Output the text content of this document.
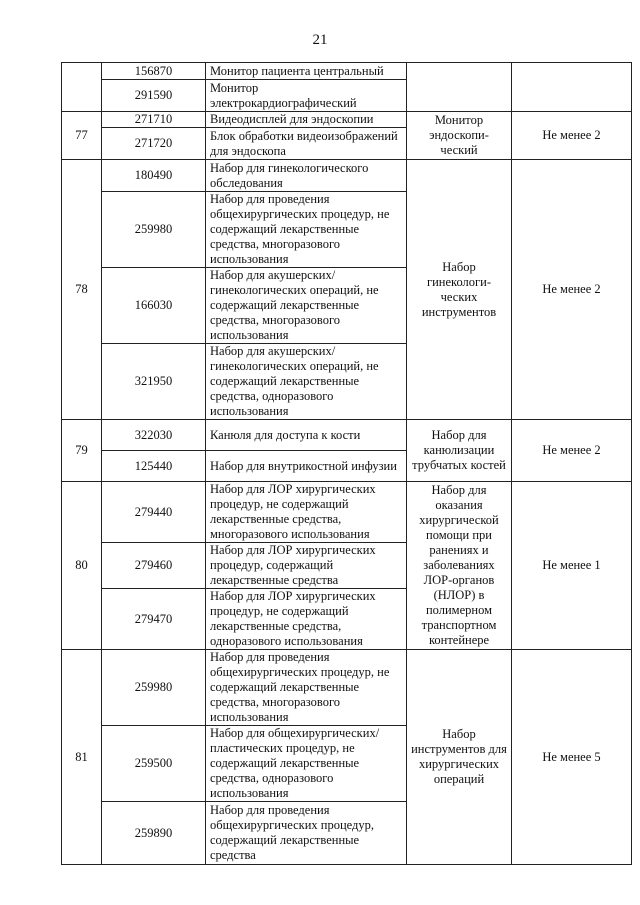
21
	156870	Монитор пациента центральный		
	291590	Монитор электрокардиографический		
77	271710	Видеодисплей для эндоскопии	Монитор эндоскопи-ческий	Не менее 2
	271720	Блок обработки видеоизображений для эндоскопа		
78	180490	Набор для гинекологического обследования	Набор гинекологи-ческих инструментов	Не менее 2
	259980	Набор для проведения общехирургических процедур, не содержащий лекарственные средства, многоразового использования		
	166030	Набор для акушерских/гинекологических операций, не содержащий лекарственные средства, многоразового использования		
	321950	Набор для акушерских/гинекологических операций, не содержащий лекарственные средства, одноразового использования		
79	322030	Канюля для доступа к кости	Набор для канюлизации трубчатых костей	Не менее 2
	125440	Набор для внутрикостной инфузии		
80	279440	Набор для ЛОР хирургических процедур, не содержащий лекарственные средства, многоразового использования	Набор для оказания хирургической помощи при ранениях и заболеваниях ЛОР-органов (НЛОР) в полимерном транспортном контейнере	Не менее 1
	279460	Набор для ЛОР хирургических процедур, содержащий лекарственные средства		
	279470	Набор для ЛОР хирургических процедур, не содержащий лекарственные средства, одноразового использования		
81	259980	Набор для проведения общехирургических процедур, не содержащий лекарственные средства, многоразового использования	Набор инструментов для хирургических операций	Не менее 5
	259500	Набор для общехирургических/ пластических процедур, не содержащий лекарственные средства, одноразового использования		
	259890	Набор для проведения общехирургических процедур, содержащий лекарственные средства		
